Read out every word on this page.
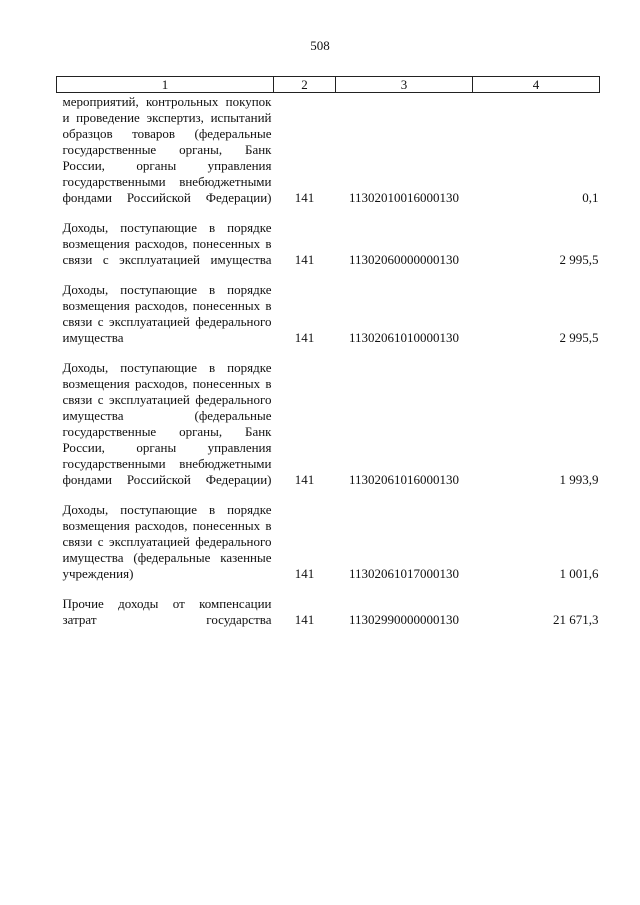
508
1	2	3	4
мероприятий, контрольных покупок и проведение экспертиз, испытаний образцов товаров (федеральные государственные органы, Банк России, органы управления государственными внебюджетными фондами Российской Федерации)	141	11302010016000130	0,1
Доходы, поступающие в порядке возмещения расходов, понесенных в связи с эксплуатацией имущества	141	11302060000000130	2 995,5
Доходы, поступающие в порядке возмещения расходов, понесенных в связи с эксплуатацией федерального имущества	141	11302061010000130	2 995,5
Доходы, поступающие в порядке возмещения расходов, понесенных в связи с эксплуатацией федерального имущества (федеральные государственные органы, Банк России, органы управления государственными внебюджетными фондами Российской Федерации)	141	11302061016000130	1 993,9
Доходы, поступающие в порядке возмещения расходов, понесенных в связи с эксплуатацией федерального имущества (федеральные казенные учреждения)	141	11302061017000130	1 001,6
Прочие доходы от компенсации затрат государства	141	11302990000000130	21 671,3
